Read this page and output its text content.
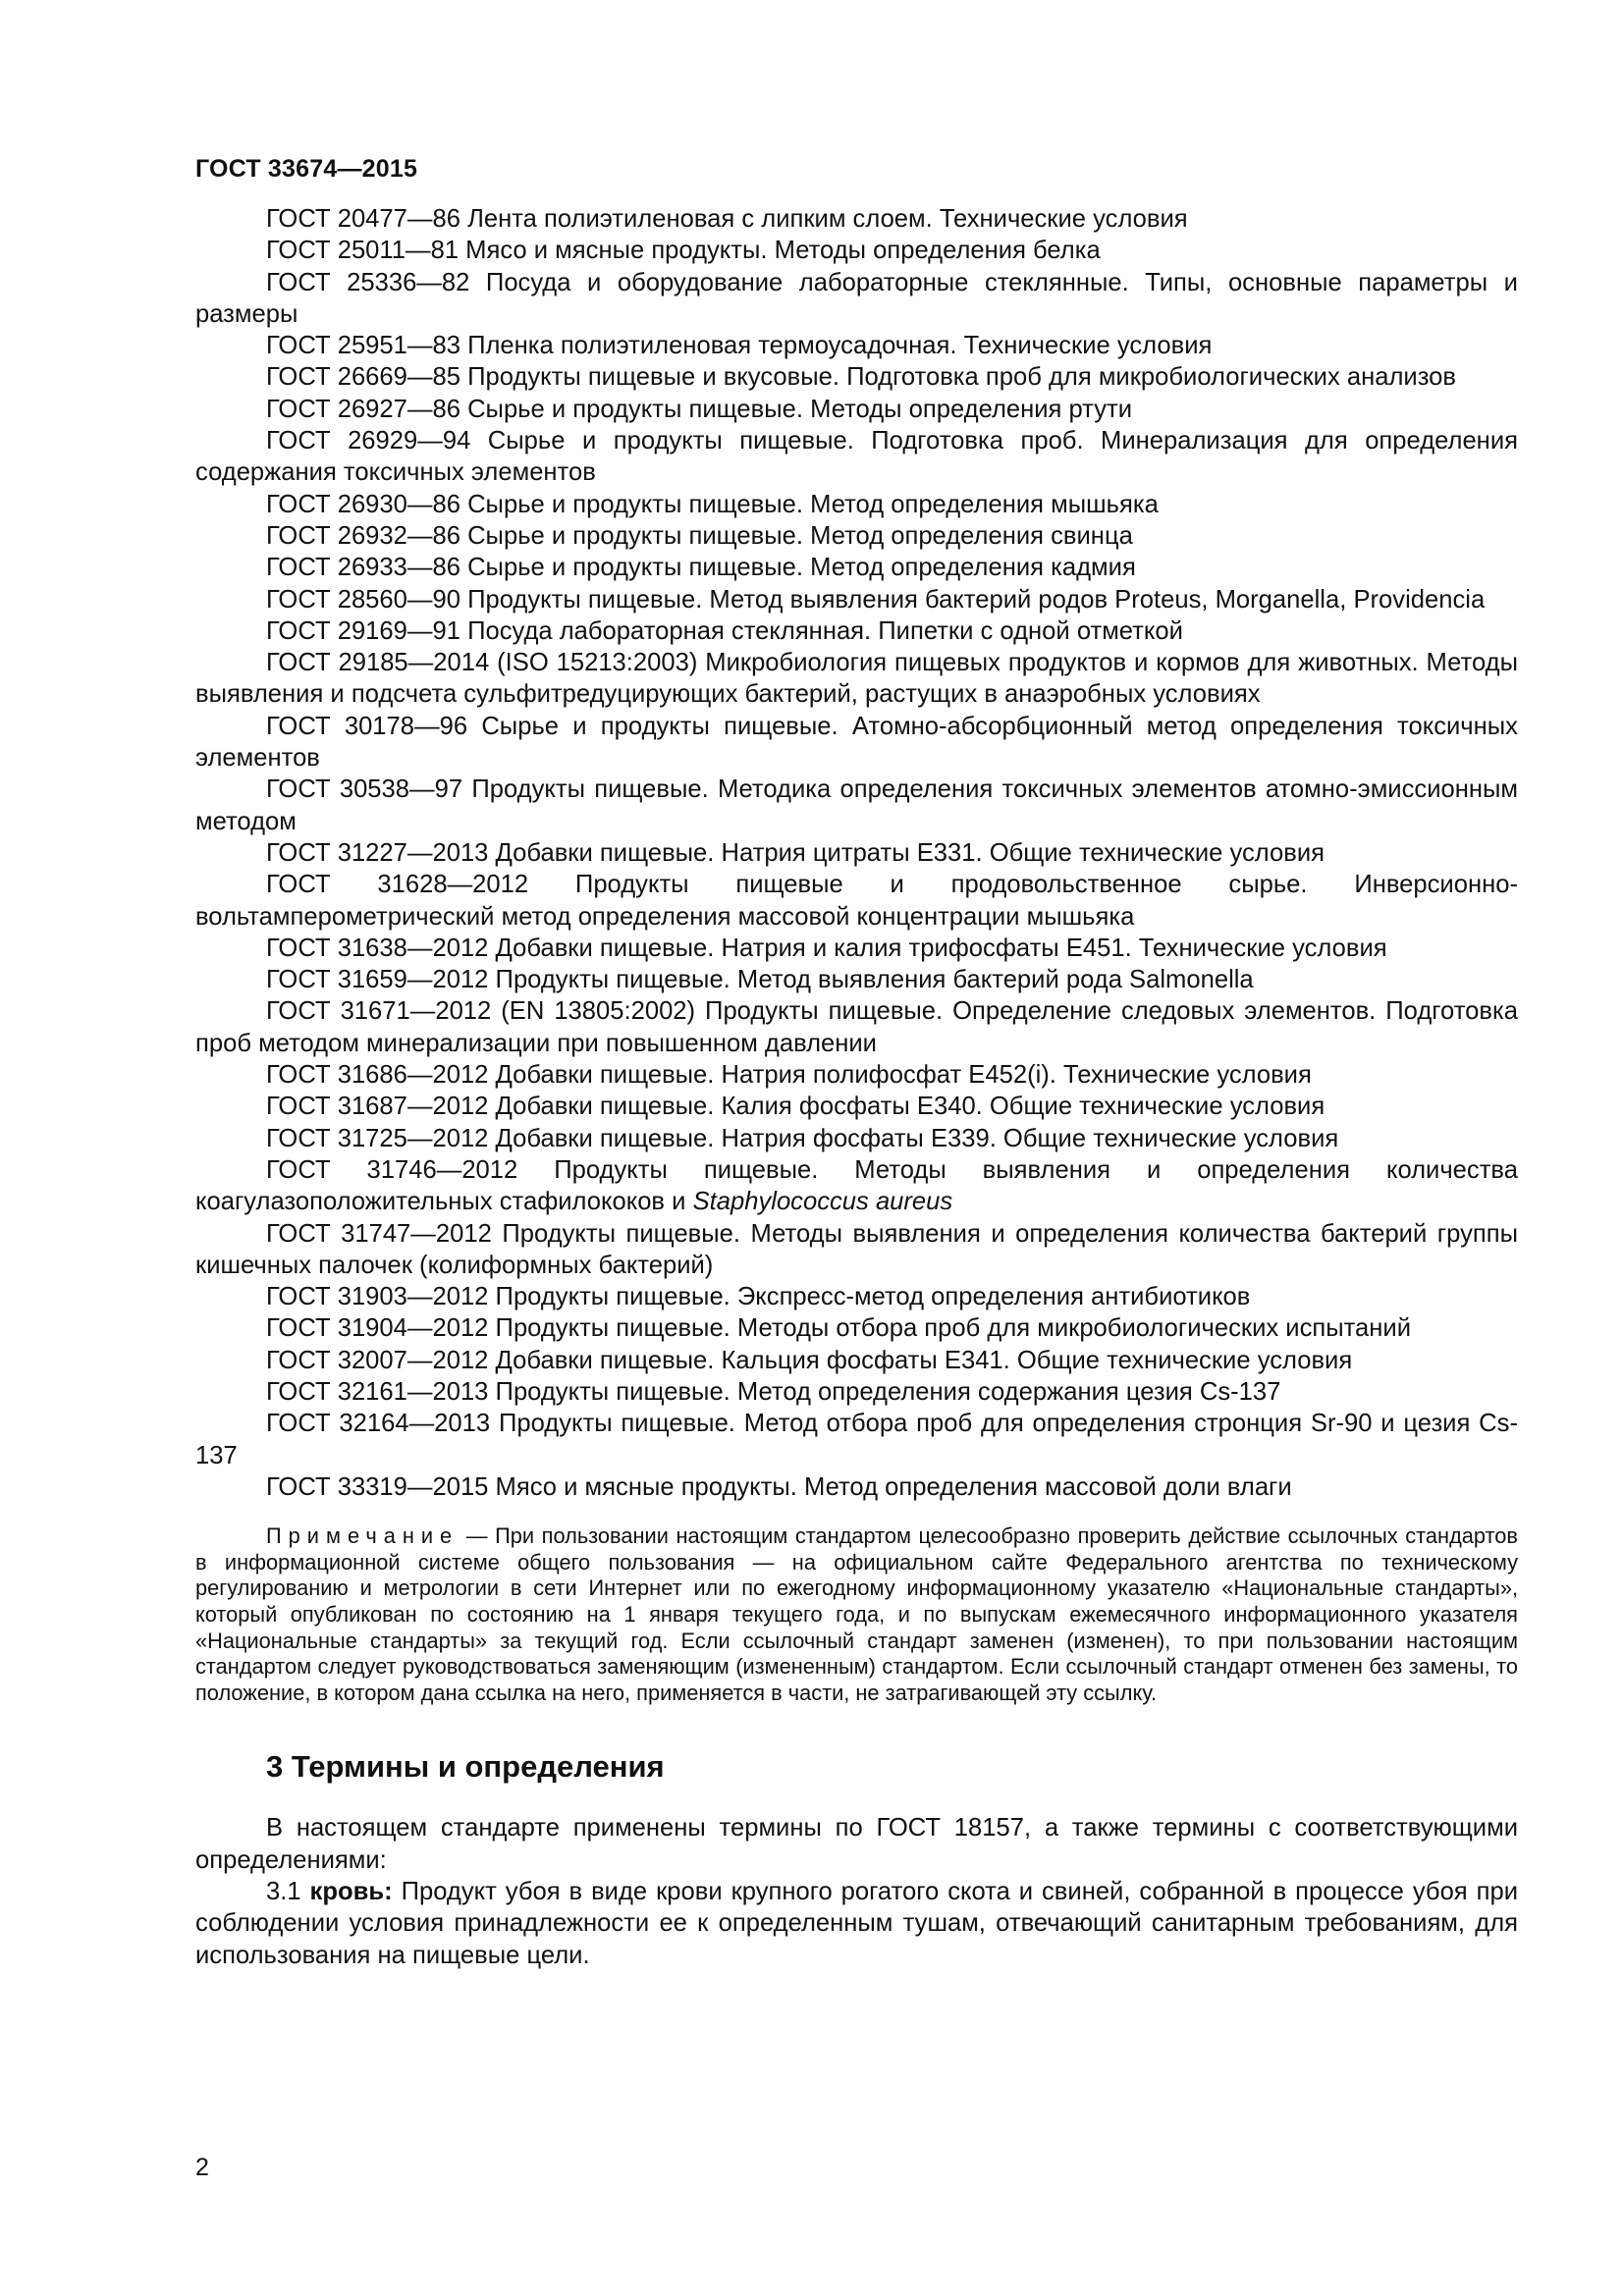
ГОСТ 33674—2015

ГОСТ 20477—86 Лента полиэтиленовая с липким слоем. Технические условия

ГОСТ 25011—81 Мясо и мясные продукты. Методы определения белка

ГОСТ 25336—82 Посуда и оборудование лабораторные стеклянные. Типы, основные параметры и размеры

ГОСТ 25951—83 Пленка полиэтиленовая термоусадочная. Технические условия

ГОСТ 26669—85 Продукты пищевые и вкусовые. Подготовка проб для микробиологических анализов

ГОСТ 26927—86 Сырье и продукты пищевые. Методы определения ртути

ГОСТ 26929—94 Сырье и продукты пищевые. Подготовка проб. Минерализация для определения содержания токсичных элементов

ГОСТ 26930—86 Сырье и продукты пищевые. Метод определения мышьяка

ГОСТ 26932—86 Сырье и продукты пищевые. Метод определения свинца

ГОСТ 26933—86 Сырье и продукты пищевые. Метод определения кадмия

ГОСТ 28560—90 Продукты пищевые. Метод выявления бактерий родов Proteus, Morganella, Providencia

ГОСТ 29169—91 Посуда лабораторная стеклянная. Пипетки с одной отметкой

ГОСТ 29185—2014 (ISO 15213:2003) Микробиология пищевых продуктов и кормов для животных. Методы выявления и подсчета сульфитредуцирующих бактерий, растущих в анаэробных условиях

ГОСТ 30178—96 Сырье и продукты пищевые. Атомно-абсорбционный метод определения токсичных элементов

ГОСТ 30538—97 Продукты пищевые. Методика определения токсичных элементов атомно-эмиссионным методом

ГОСТ 31227—2013 Добавки пищевые. Натрия цитраты Е331. Общие технические условия

ГОСТ 31628—2012 Продукты пищевые и продовольственное сырье. Инверсионно-вольтамперометрический метод определения массовой концентрации мышьяка

ГОСТ 31638—2012 Добавки пищевые. Натрия и калия трифосфаты Е451. Технические условия

ГОСТ 31659—2012 Продукты пищевые. Метод выявления бактерий рода Salmonella

ГОСТ 31671—2012 (EN 13805:2002) Продукты пищевые. Определение следовых элементов. Подготовка проб методом минерализации при повышенном давлении

ГОСТ 31686—2012 Добавки пищевые. Натрия полифосфат Е452(i). Технические условия

ГОСТ 31687—2012 Добавки пищевые. Калия фосфаты Е340. Общие технические условия

ГОСТ 31725—2012 Добавки пищевые. Натрия фосфаты Е339. Общие технические условия

ГОСТ 31746—2012 Продукты пищевые. Методы выявления и определения количества коагулазоположительных стафилококов и Staphylococcus aureus

ГОСТ 31747—2012 Продукты пищевые. Методы выявления и определения количества бактерий группы кишечных палочек (колиформных бактерий)

ГОСТ 31903—2012 Продукты пищевые. Экспресс-метод определения антибиотиков

ГОСТ 31904—2012 Продукты пищевые. Методы отбора проб для микробиологических испытаний

ГОСТ 32007—2012 Добавки пищевые. Кальция фосфаты Е341. Общие технические условия

ГОСТ 32161—2013 Продукты пищевые. Метод определения содержания цезия Cs-137

ГОСТ 32164—2013 Продукты пищевые. Метод отбора проб для определения стронция Sr-90 и цезия Cs-137

ГОСТ 33319—2015 Мясо и мясные продукты. Метод определения массовой доли влаги

Примечание — При пользовании настоящим стандартом целесообразно проверить действие ссылочных стандартов в информационной системе общего пользования — на официальном сайте Федерального агентства по техническому регулированию и метрологии в сети Интернет или по ежегодному информационному указателю «Национальные стандарты», который опубликован по состоянию на 1 января текущего года, и по выпускам ежемесячного информационного указателя «Национальные стандарты» за текущий год. Если ссылочный стандарт заменен (изменен), то при пользовании настоящим стандартом следует руководствоваться заменяющим (измененным) стандартом. Если ссылочный стандарт отменен без замены, то положение, в котором дана ссылка на него, применяется в части, не затрагивающей эту ссылку.

3 Термины и определения

В настоящем стандарте применены термины по ГОСТ 18157, а также термины с соответствующими определениями:

3.1 кровь: Продукт убоя в виде крови крупного рогатого скота и свиней, собранной в процессе убоя при соблюдении условия принадлежности ее к определенным тушам, отвечающий санитарным требованиям, для использования на пищевые цели.

2
